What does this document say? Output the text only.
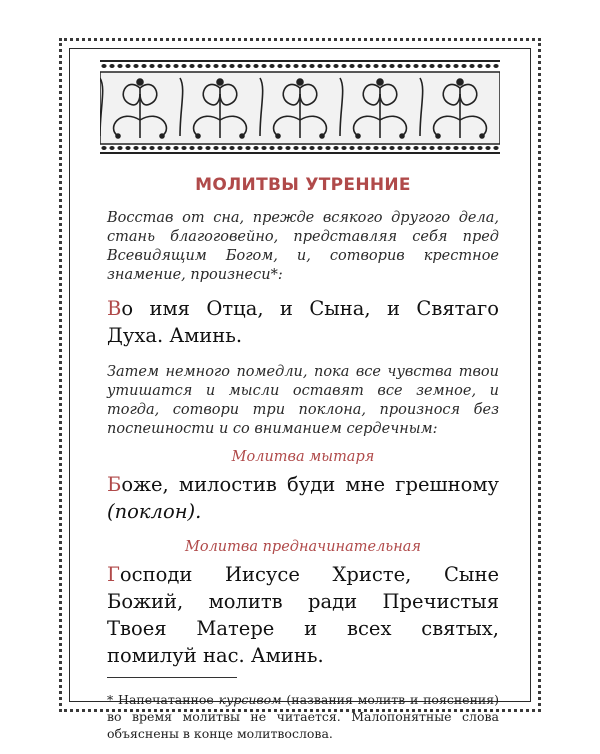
МОЛИТВЫ УТРЕННИЕ

Восстав от сна, прежде всякого другого дела, стань благоговейно, представляя себя пред Всевидящим Богом, и, сотворив крестное знамение, произнеси*:

Во имя Отца, и Сына, и Святаго Духа. Аминь.

Затем немного помедли, пока все чувства твои утишатся и мысли оставят все земное, и тогда, сотвори три поклона, произнося без поспешности и со вниманием сердечным:

Молитва мытаря

Боже, милостив буди мне грешному (поклон).

Молитва предначинательная

Господи Иисусе Христе, Сыне Божий, молитв ради Пречистыя Твоея Матере и всех святых, помилуй нас. Аминь.

* Напечатанное курсивом (названия молитв и пояснения) во время молитвы не читается. Малопонятные слова объяснены в конце молитвослова.
